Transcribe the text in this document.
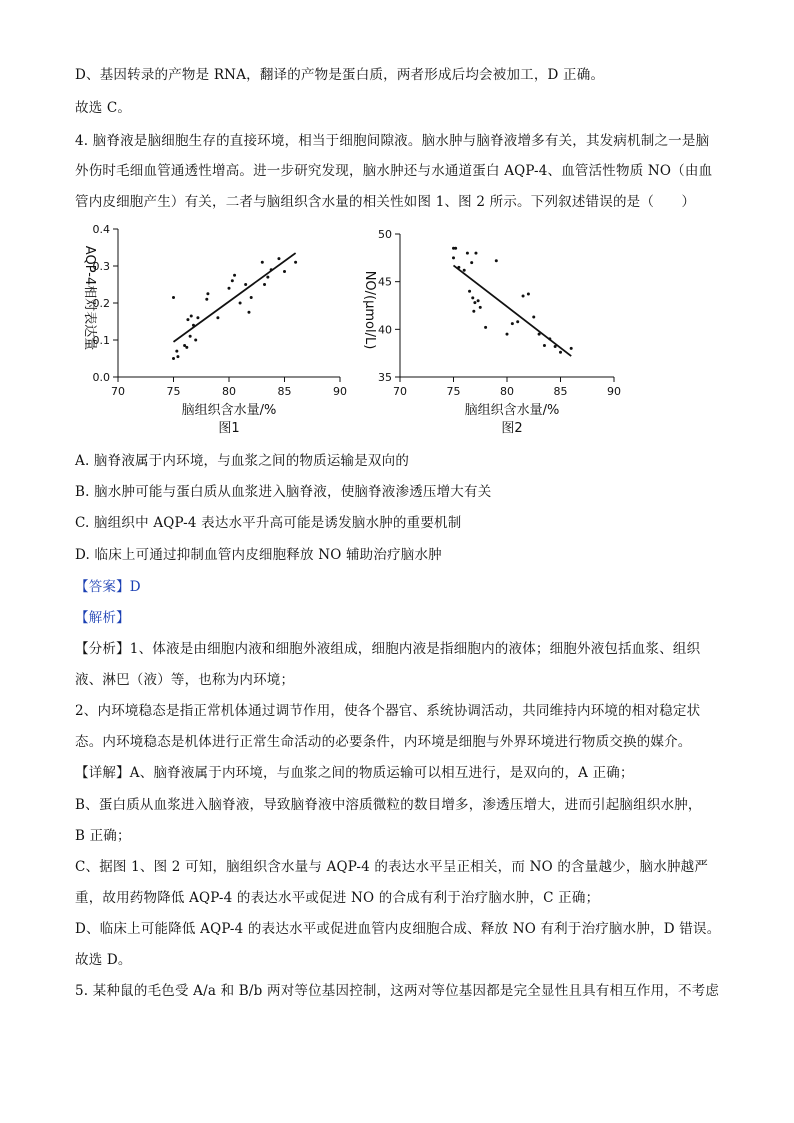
D、基因转录的产物是 RNA，翻译的产物是蛋白质，两者形成后均会被加工，D 正确。
故选 C。
4. 脑脊液是脑细胞生存的直接环境，相当于细胞间隙液。脑水肿与脑脊液增多有关，其发病机制之一是脑
外伤时毛细血管通透性增高。进一步研究发现，脑水肿还与水通道蛋白 AQP-4、血管活性物质 NO（由血
管内皮细胞产生）有关，二者与脑组织含水量的相关性如图 1、图 2 所示。下列叙述错误的是（　　）
AQP-4相对表达量
0.0
0.1
0.2
0.3
0.4
70	75	80	85	90
脑组织含水量/%
图1
NO/(μmol/L)
35
40
45
50
70	75	80	85	90
脑组织含水量/%
图2
A. 脑脊液属于内环境，与血浆之间的物质运输是双向的
B. 脑水肿可能与蛋白质从血浆进入脑脊液，使脑脊液渗透压增大有关
C. 脑组织中 AQP-4 表达水平升高可能是诱发脑水肿的重要机制
D. 临床上可通过抑制血管内皮细胞释放 NO 辅助治疗脑水肿
【答案】D
【解析】
【分析】1、体液是由细胞内液和细胞外液组成，细胞内液是指细胞内的液体；细胞外液包括血浆、组织
液、淋巴（液）等，也称为内环境；
2、内环境稳态是指正常机体通过调节作用，使各个器官、系统协调活动，共同维持内环境的相对稳定状
态。内环境稳态是机体进行正常生命活动的必要条件，内环境是细胞与外界环境进行物质交换的媒介。
【详解】A、脑脊液属于内环境，与血浆之间的物质运输可以相互进行，是双向的，A 正确；
B、蛋白质从血浆进入脑脊液，导致脑脊液中溶质微粒的数目增多，渗透压增大，进而引起脑组织水肿，
B 正确；
C、据图 1、图 2 可知，脑组织含水量与 AQP-4 的表达水平呈正相关，而 NO 的含量越少，脑水肿越严
重，故用药物降低 AQP-4 的表达水平或促进 NO 的合成有利于治疗脑水肿，C 正确；
D、临床上可能降低 AQP-4 的表达水平或促进血管内皮细胞合成、释放 NO 有利于治疗脑水肿，D 错误。
故选 D。
5. 某种鼠的毛色受 A/a 和 B/b 两对等位基因控制，这两对等位基因都是完全显性且具有相互作用，不考虑
